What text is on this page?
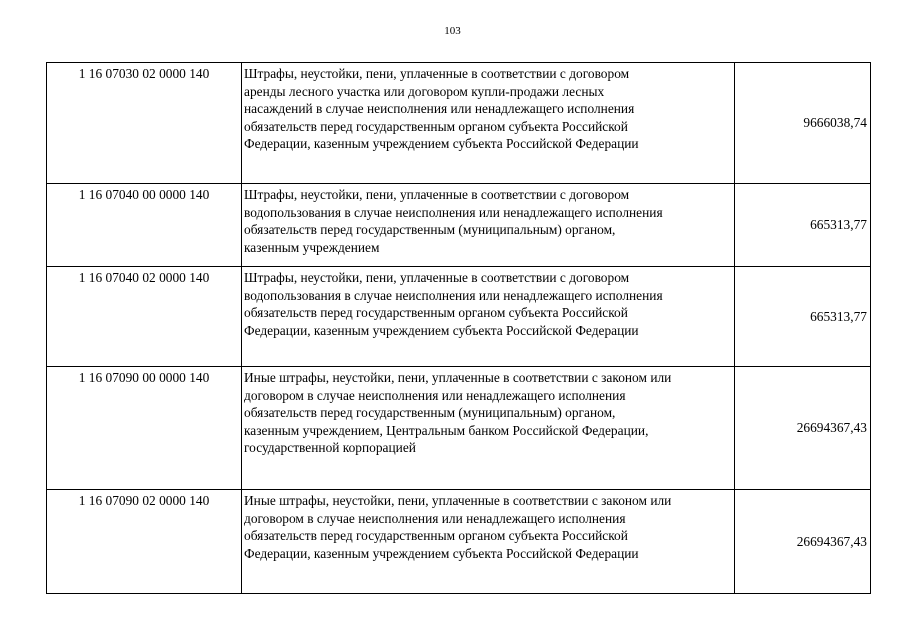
103
1 16 07030 02 0000 140	Штрафы, неустойки, пени, уплаченные в соответствии с договором
аренды лесного участка или договором купли-продажи лесных
насаждений в случае неисполнения или ненадлежащего исполнения
обязательств перед государственным органом субъекта Российской
Федерации, казенным учреждением субъекта Российской Федерации	9666038,74
1 16 07040 00 0000 140	Штрафы, неустойки, пени, уплаченные в соответствии с договором
водопользования в случае неисполнения или ненадлежащего исполнения
обязательств перед государственным (муниципальным) органом,
казенным учреждением	665313,77
1 16 07040 02 0000 140	Штрафы, неустойки, пени, уплаченные в соответствии с договором
водопользования в случае неисполнения или ненадлежащего исполнения
обязательств перед государственным органом субъекта Российской
Федерации, казенным учреждением субъекта Российской Федерации	665313,77
1 16 07090 00 0000 140	Иные штрафы, неустойки, пени, уплаченные в соответствии с законом или
договором в случае неисполнения или ненадлежащего исполнения
обязательств перед государственным (муниципальным) органом,
казенным учреждением, Центральным банком Российской Федерации,
государственной корпорацией	26694367,43
1 16 07090 02 0000 140	Иные штрафы, неустойки, пени, уплаченные в соответствии с законом или
договором в случае неисполнения или ненадлежащего исполнения
обязательств перед государственным органом субъекта Российской
Федерации, казенным учреждением субъекта Российской Федерации	26694367,43
